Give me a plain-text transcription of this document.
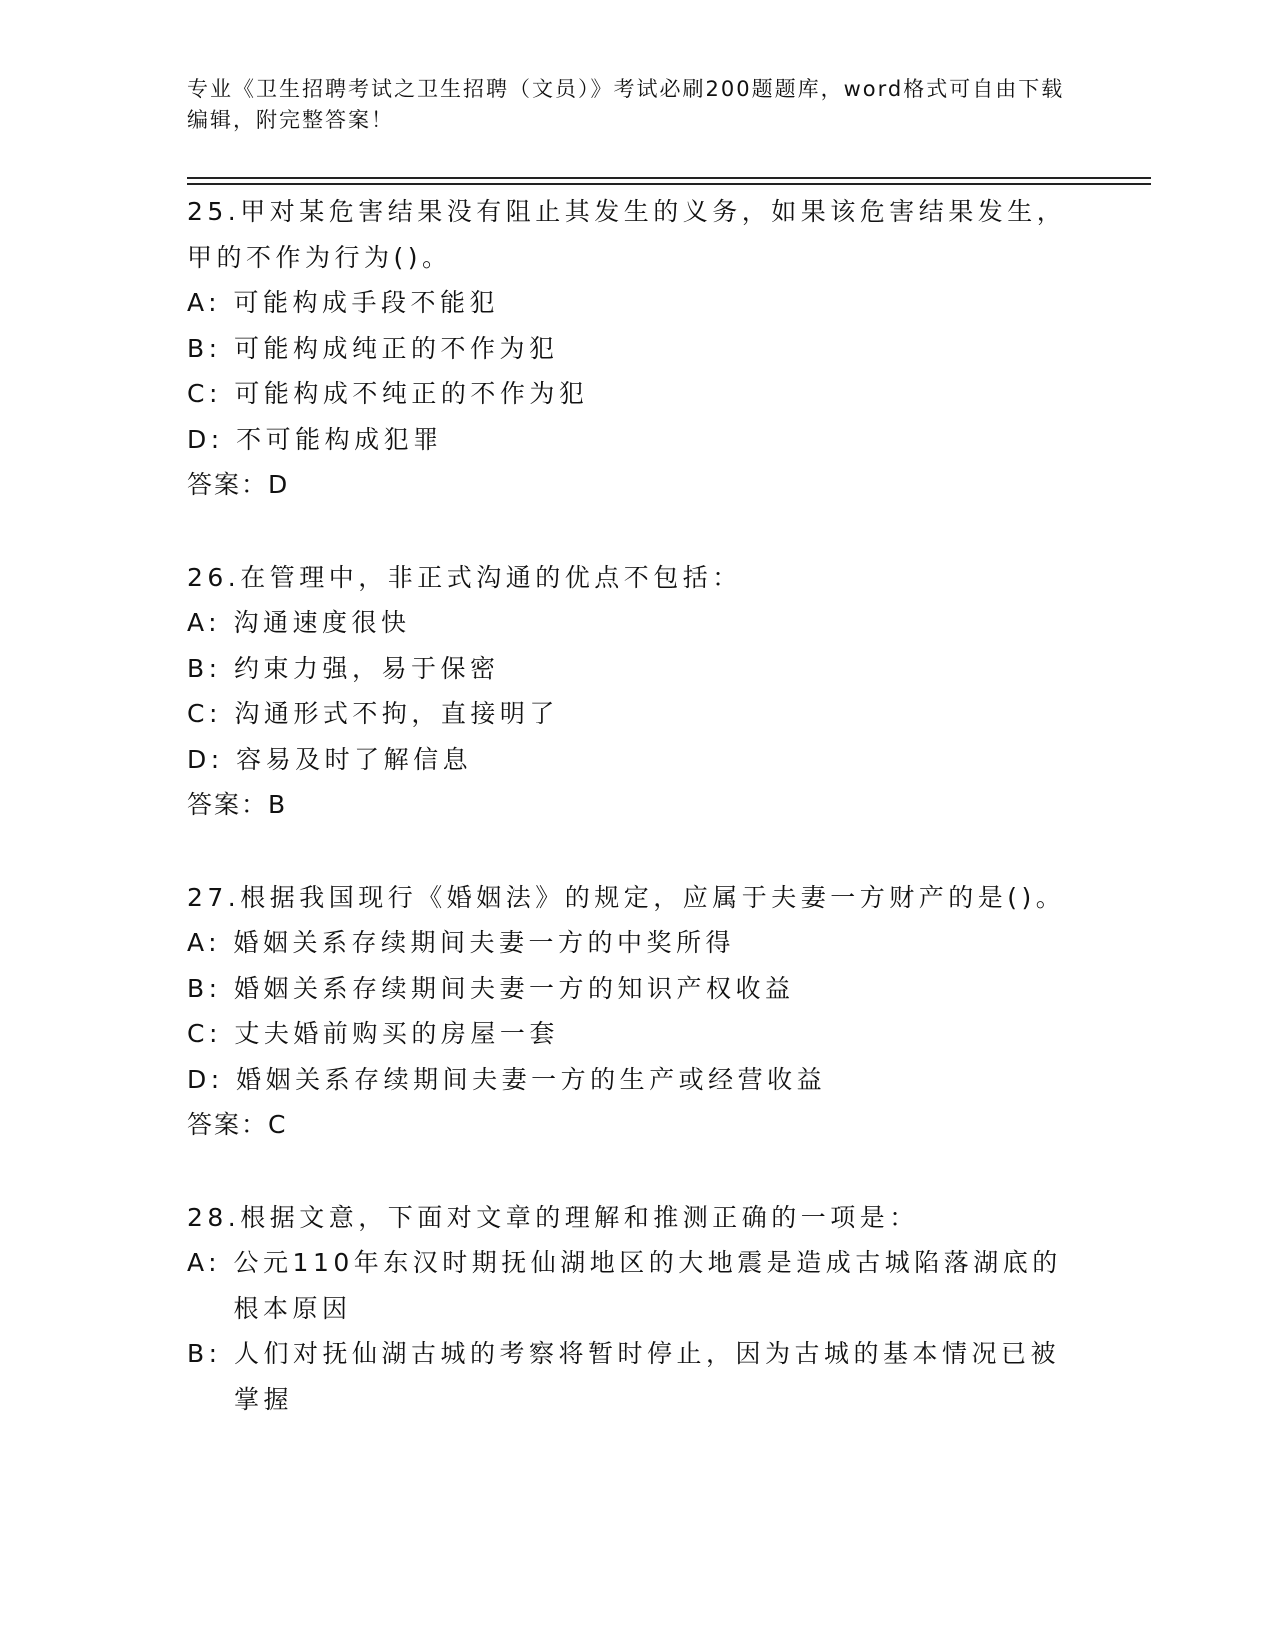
专业《卫生招聘考试之卫生招聘（文员）》考试必刷200题题库，word格式可自由下载编辑，附完整答案！

25.甲对某危害结果没有阻止其发生的义务，如果该危害结果发生，甲的不作为行为()。

A:
可能构成手段不能犯
B:
可能构成纯正的不作为犯
C:
可能构成不纯正的不作为犯
D:
不可能构成犯罪

答案：D

26.在管理中，非正式沟通的优点不包括：

A:
沟通速度很快
B:
约束力强，易于保密
C:
沟通形式不拘，直接明了
D:
容易及时了解信息

答案：B

27.根据我国现行《婚姻法》的规定，应属于夫妻一方财产的是()。

A:
婚姻关系存续期间夫妻一方的中奖所得
B:
婚姻关系存续期间夫妻一方的知识产权收益
C:
丈夫婚前购买的房屋一套
D:
婚姻关系存续期间夫妻一方的生产或经营收益

答案：C

28.根据文意，下面对文章的理解和推测正确的一项是：

A:
公元110年东汉时期抚仙湖地区的大地震是造成古城陷落湖底的根本原因
B:
人们对抚仙湖古城的考察将暂时停止，因为古城的基本情况已被掌握
